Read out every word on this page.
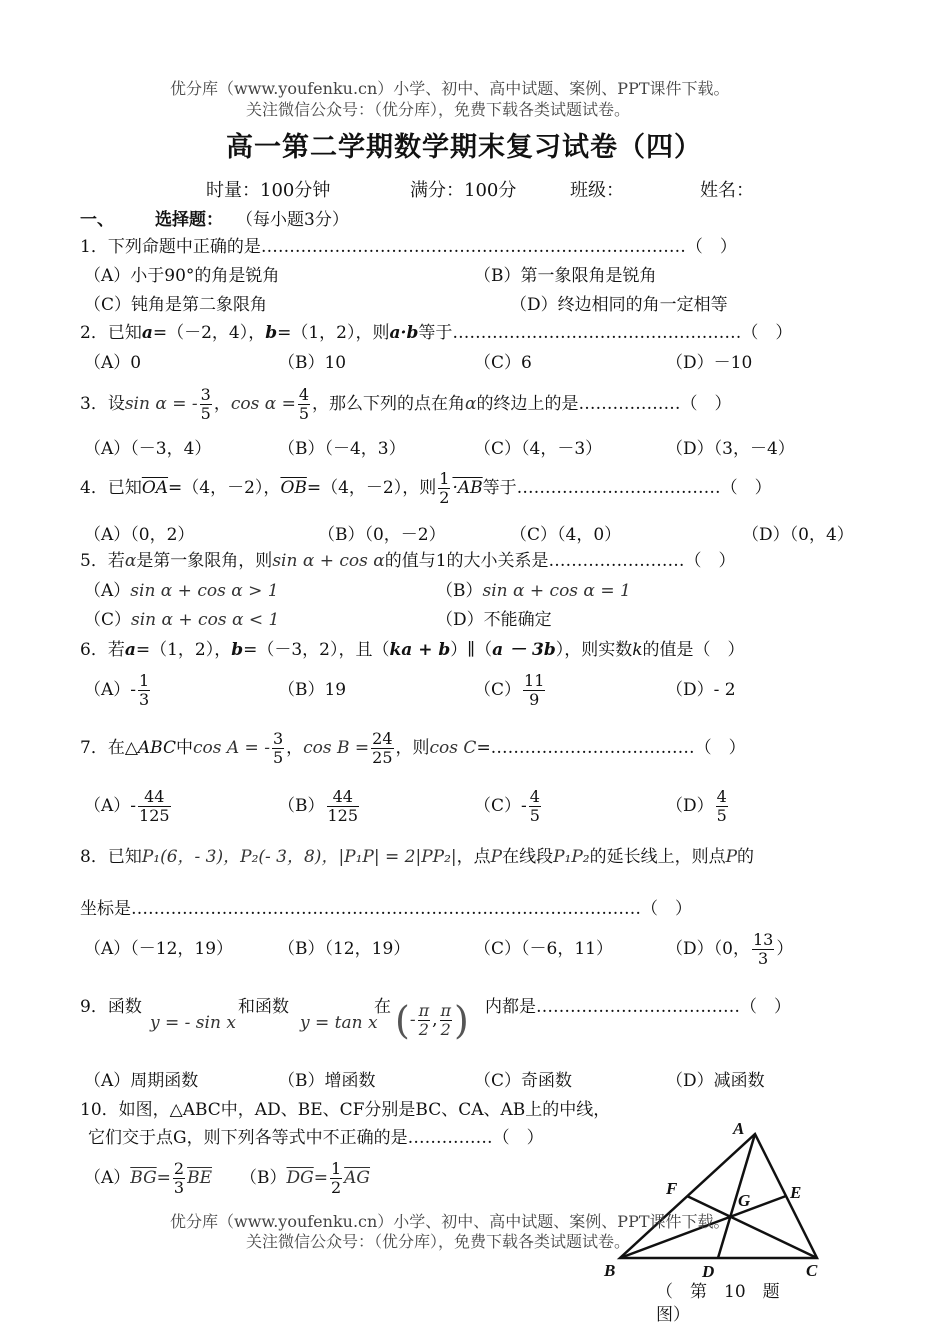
优分库（www.youfenku.cn）小学、初中、高中试题、案例、PPT课件下载。
关注微信公众号：（优分库），免费下载各类试题试卷。
高一第二学期数学期末复习试卷（四）
时量：100分钟	满分：100分	班级：	姓名：
一、 选择题： （每小题3分）
1．下列命题中正确的是…………………………………………………………………（　）
（A）小于90°的角是锐角	（B）第一象限角是锐角
（C）钝角是第二象限角	（D）终边相同的角一定相等
2．已知a=（－2，4），b=（1，2），则a·b等于……………………………………………（　）
（A）0	（B）10	（C）6	（D）－10
3．设sin α = - $\frac{3}{5}$ ，$\cos \alpha = \frac{4}{5}$ ，那么下列的点在角α的终边上的是………………（　）
（A）（－3，4）	（B）（－4，3）	（C）（4，－3）	（D）（3，－4）
4．已知$\overline{OA}=(4$，－2），$\overline{OB}=(4$，－2），则 $\frac{1}{2} \cdot AB$等于………………………………（　）
（A）（0，2）	（B）（0，－2）	（C）（4，0）	（D）（0，4）
5．若α是第一象限角，则sin α + cos α的值与1的大小关系是……………………（　）
（A）sin α + cos α > 1	（B）sin α + cos α = 1
（C）sin α + cos α < 1	（D）不能确定
6．若a=（1，2），b=（－3，2），且（ka + b）∥（a － 3b），则实数k的值是（　）
$(A)- \frac{1}{3}$	（B）19	$(C) \frac{11}{9}$	（D）- 2
7．在△ABC中cos A = - $\frac{3}{5}$ ，$\cos B = \frac{24}{25}$ ，则cos C=………………………………（　）
$(A)- \frac{44}{125}$	$(B) \frac{44}{125}$	$(C)- \frac{4}{5}$	$(D) \frac{4}{5}$
8．已知P₁(6，- 3)，P₂(- 3，8)，|P₁P| = 2|PP₂|，点P在线段P₁P₂的延长线上，则点P的
坐标是………………………………………………………………………………（　）
（A）（－12，19）	（B）（12，19）	（C）（－6，11）	（D）（0， $\frac{13}{3}$ ）
9．函数
y = - sin x
和函数
y = tan x
在 (- $\frac{\pi}{2}$ , $\frac{\pi}{2}$ ) 内都是………………………………（　）
（A）周期函数	（B）增函数	（C）奇函数	（D）减函数
10．如图，△ABC中，AD、BE、CF分别是BC、CA、AB上的中线，
它们交于点G，则下列各等式中不正确的是……………（　）
$(A)\overline{BG}= \frac{2}{3} \overline{BE}$ $(B)\overline{DG}= \frac{1}{2} \overline{AG}$
A
B	C
D
E
F
G
（　第　10　题
图）
优分库（www.youfenku.cn）小学、初中、高中试题、案例、PPT课件下载。
关注微信公众号：（优分库），免费下载各类试题试卷。
